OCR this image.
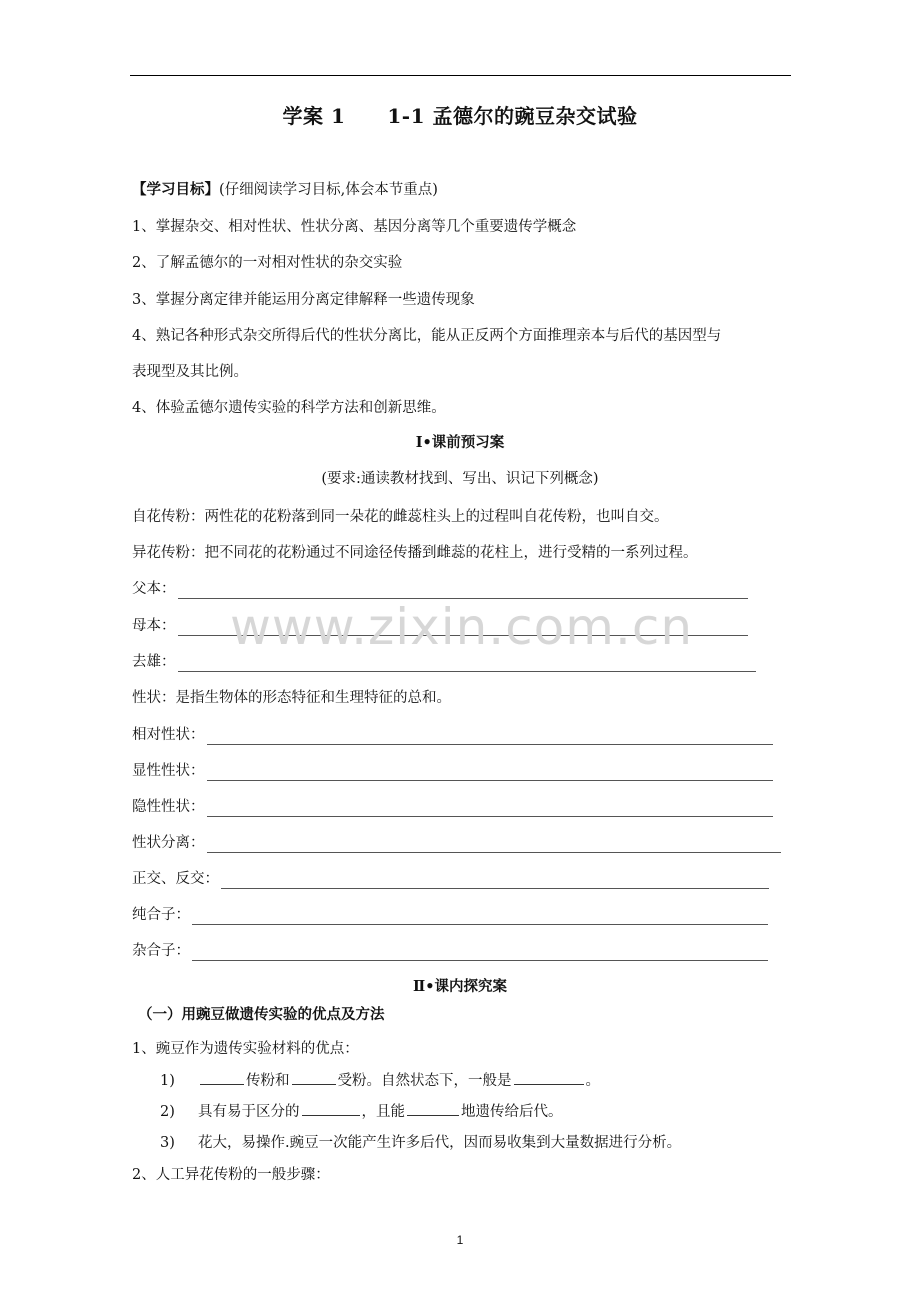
学案 1 1-1 孟德尔的豌豆杂交试验
【学习目标】(仔细阅读学习目标,体会本节重点)
1、掌握杂交、相对性状、性状分离、基因分离等几个重要遗传学概念
2、了解孟德尔的一对相对性状的杂交实验
3、掌握分离定律并能运用分离定律解释一些遗传现象
4、熟记各种形式杂交所得后代的性状分离比，能从正反两个方面推理亲本与后代的基因型与
表现型及其比例。
4、体验孟德尔遗传实验的科学方法和创新思维。
Ⅰ•课前预习案
(要求:通读教材找到、写出、识记下列概念)
自花传粉：两性花的花粉落到同一朵花的雌蕊柱头上的过程叫自花传粉，也叫自交。
异花传粉：把不同花的花粉通过不同途径传播到雌蕊的花柱上，进行受精的一系列过程。
父本：
母本：
去雄：
性状：是指生物体的形态特征和生理特征的总和。
相对性状：
显性性状：
隐性性状：
性状分离：
正交、反交：
纯合子：
杂合子：
Ⅱ•课内探究案
（一）用豌豆做遗传实验的优点及方法
1、豌豆作为遗传实验材料的优点：
1)	传粉和	受粉。自然状态下，一般是	。
2) 具有易于区分的	，且能	地遗传给后代。
3) 花大，易操作.豌豆一次能产生许多后代，因而易收集到大量数据进行分析。
2、人工异花传粉的一般步骤：
www.zixin.com.cn
1
